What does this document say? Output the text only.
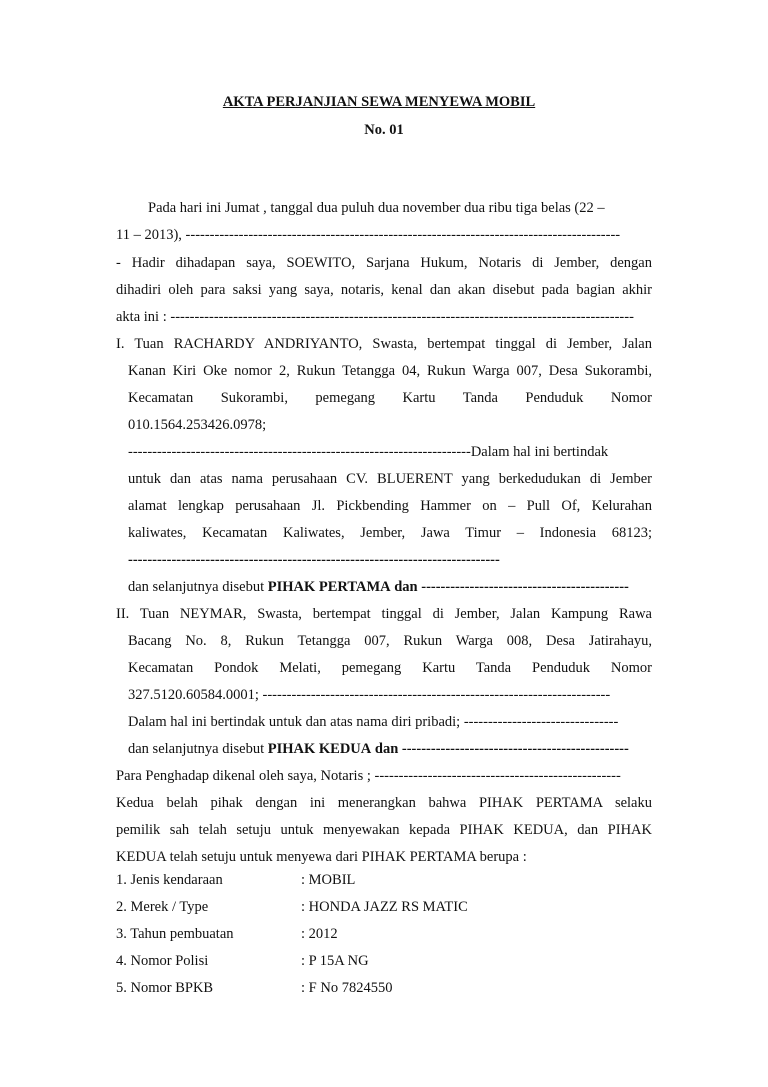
AKTA PERJANJIAN SEWA MENYEWA MOBIL
No. 01
Pada hari ini Jumat , tanggal dua puluh dua november dua ribu tiga belas (22 –
11 – 2013), ------------------------------------------------------------------------------------------
- Hadir dihadapan saya, SOEWITO, Sarjana Hukum, Notaris di Jember, dengan
dihadiri oleh para saksi yang saya, notaris, kenal dan akan disebut pada bagian akhir
akta ini : ------------------------------------------------------------------------------------------------
I. Tuan RACHARDY ANDRIYANTO, Swasta, bertempat tinggal di Jember, Jalan
Kanan Kiri Oke nomor 2, Rukun Tetangga 04, Rukun Warga 007, Desa Sukorambi,
Kecamatan Sukorambi, pemegang Kartu Tanda Penduduk Nomor
010.1564.253426.0978;
-----------------------------------------------------------------------Dalam hal ini bertindak
untuk dan atas nama perusahaan CV. BLUERENT yang berkedudukan di Jember
alamat lengkap perusahaan Jl. Pickbending Hammer on – Pull Of, Kelurahan
kaliwates, Kecamatan Kaliwates, Jember, Jawa Timur – Indonesia 68123;
-----------------------------------------------------------------------------
dan selanjutnya disebut PIHAK PERTAMA dan -------------------------------------------
II. Tuan NEYMAR, Swasta, bertempat tinggal di Jember, Jalan Kampung Rawa
Bacang No. 8, Rukun Tetangga 007, Rukun Warga 008, Desa Jatirahayu,
Kecamatan Pondok Melati, pemegang Kartu Tanda Penduduk Nomor
327.5120.60584.0001; ------------------------------------------------------------------------
Dalam hal ini bertindak untuk dan atas nama diri pribadi; --------------------------------
dan selanjutnya disebut PIHAK KEDUA dan -----------------------------------------------
Para Penghadap dikenal oleh saya, Notaris ; ---------------------------------------------------
Kedua belah pihak dengan ini menerangkan bahwa PIHAK PERTAMA selaku
pemilik sah telah setuju untuk menyewakan kepada PIHAK KEDUA, dan PIHAK
KEDUA telah setuju untuk menyewa dari PIHAK PERTAMA berupa :
1. Jenis kendaraan	: MOBIL
2. Merek / Type	: HONDA JAZZ RS MATIC
3. Tahun pembuatan	: 2012
4. Nomor Polisi	: P 15A NG
5. Nomor BPKB	: F No 7824550
